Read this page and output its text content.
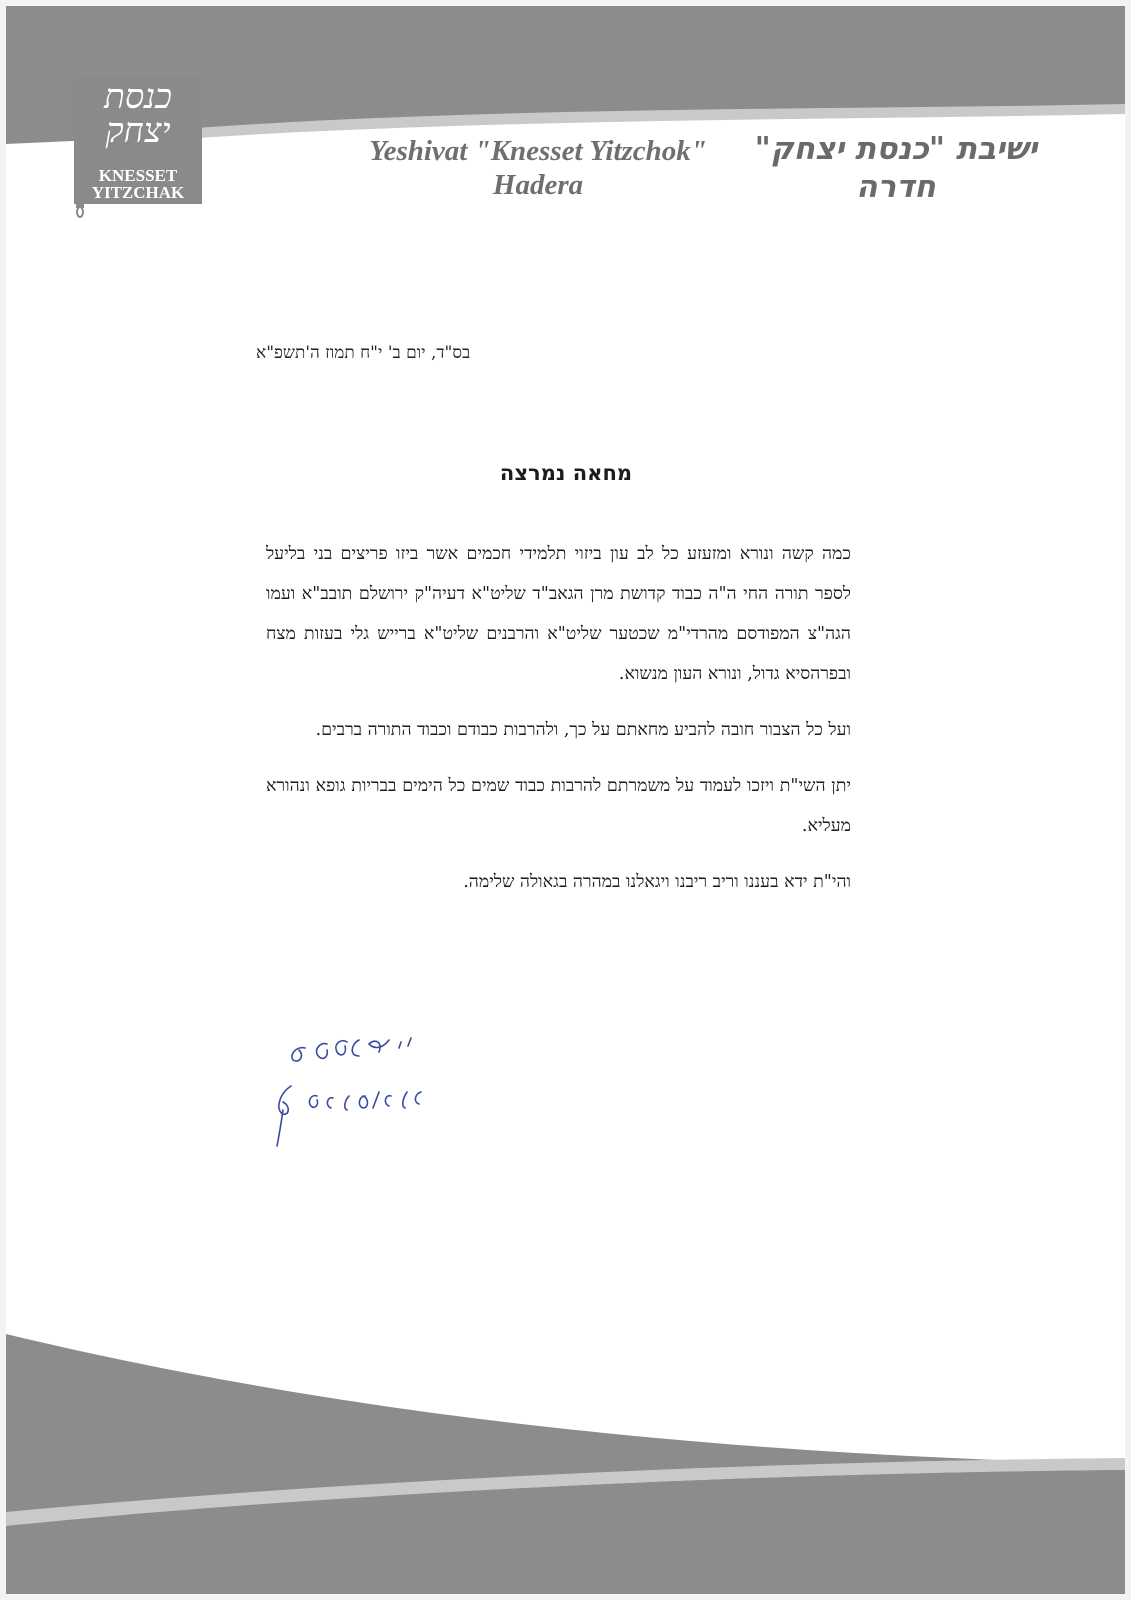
כנסת
יצחק
KNESSET
YITZCHAK
Yeshivat "Knesset Yitzchok"
Hadera
ישיבת "כנסת יצחק"
חדרה
בס"ד, יום ב' י"ח תמוז ה'תשפ"א
מחאה נמרצה

כמה קשה ונורא ומזעזע כל לב עון ביזוי תלמידי חכמים אשר ביזו פריצים בני בליעל לספר תורה החי ה"ה כבוד קדושת מרן הגאב"ד שליט"א דעיה"ק ירושלם תובב"א ועמו הגה"צ המפודסם מהרדי"מ שכטער שליט"א והרבנים שליט"א ברייש גלי בעזות מצח ובפרהסיא גדול, ונורא העון מנשוא.

ועל כל הצבור חובה להביע מחאתם על כך, ולהרבות כבודם וכבוד התורה ברבים.

יתן השי"ת ויזכו לעמוד על משמרתם להרבות כבוד שמים כל הימים בבריות גופא ונהורא מעליא.

והי"ת ידא בעננו וריב ריבנו ויגאלנו במהרה בגאולה שלימה.
